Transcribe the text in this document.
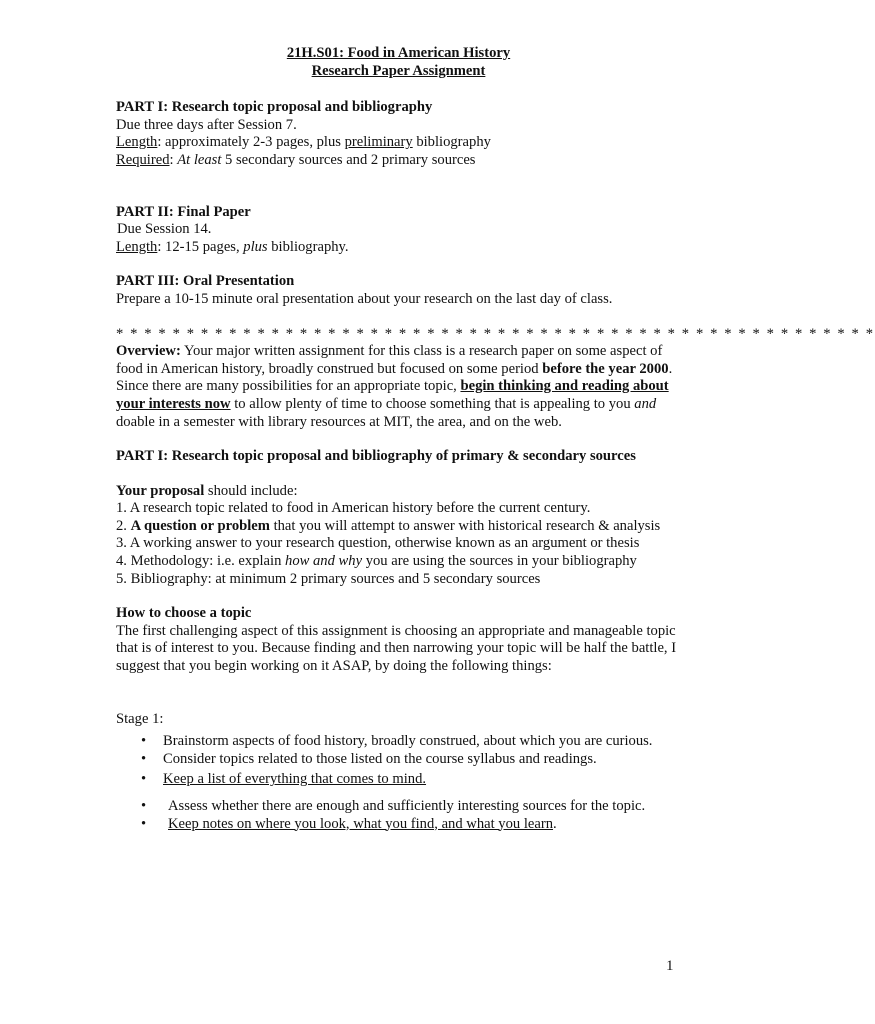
21H.S01: Food in American History

Research Paper Assignment

PART I: Research topic proposal and bibliography

Due three days after Session 7.

Length: approximately 2-3 pages, plus preliminary bibliography

Required: At least 5 secondary sources and 2 primary sources

PART II: Final Paper

Due Session 14.

Length: 12-15 pages, plus bibliography.

PART III: Oral Presentation

Prepare a 10-15 minute oral presentation about your research on the last day of class.

* * * * * * * * * * * * * * * * * * * * * * * * * * * * * * * * * * * * * * * * * * * * * * * * * * * * * *

Overview: Your major written assignment for this class is a research paper on some aspect of food in American history, broadly construed but focused on some period before the year 2000. Since there are many possibilities for an appropriate topic, begin thinking and reading about your interests now to allow plenty of time to choose something that is appealing to you and doable in a semester with library resources at MIT, the area, and on the web.

PART I: Research topic proposal and bibliography of primary & secondary sources

Your proposal should include:

1. A research topic related to food in American history before the current century.

2. A question or problem that you will attempt to answer with historical research & analysis

3. A working answer to your research question, otherwise known as an argument or thesis

4. Methodology: i.e. explain how and why you are using the sources in your bibliography

5. Bibliography: at minimum 2 primary sources and 5 secondary sources

How to choose a topic

The first challenging aspect of this assignment is choosing an appropriate and manageable topic that is of interest to you. Because finding and then narrowing your topic will be half the battle, I suggest that you begin working on it ASAP, by doing the following things:

Stage 1:

• Brainstorm aspects of food history, broadly construed, about which you are curious.
• Consider topics related to those listed on the course syllabus and readings.
• Keep a list of everything that comes to mind.
• Assess whether there are enough and sufficiently interesting sources for the topic.
• Keep notes on where you look, what you find, and what you learn.
1
